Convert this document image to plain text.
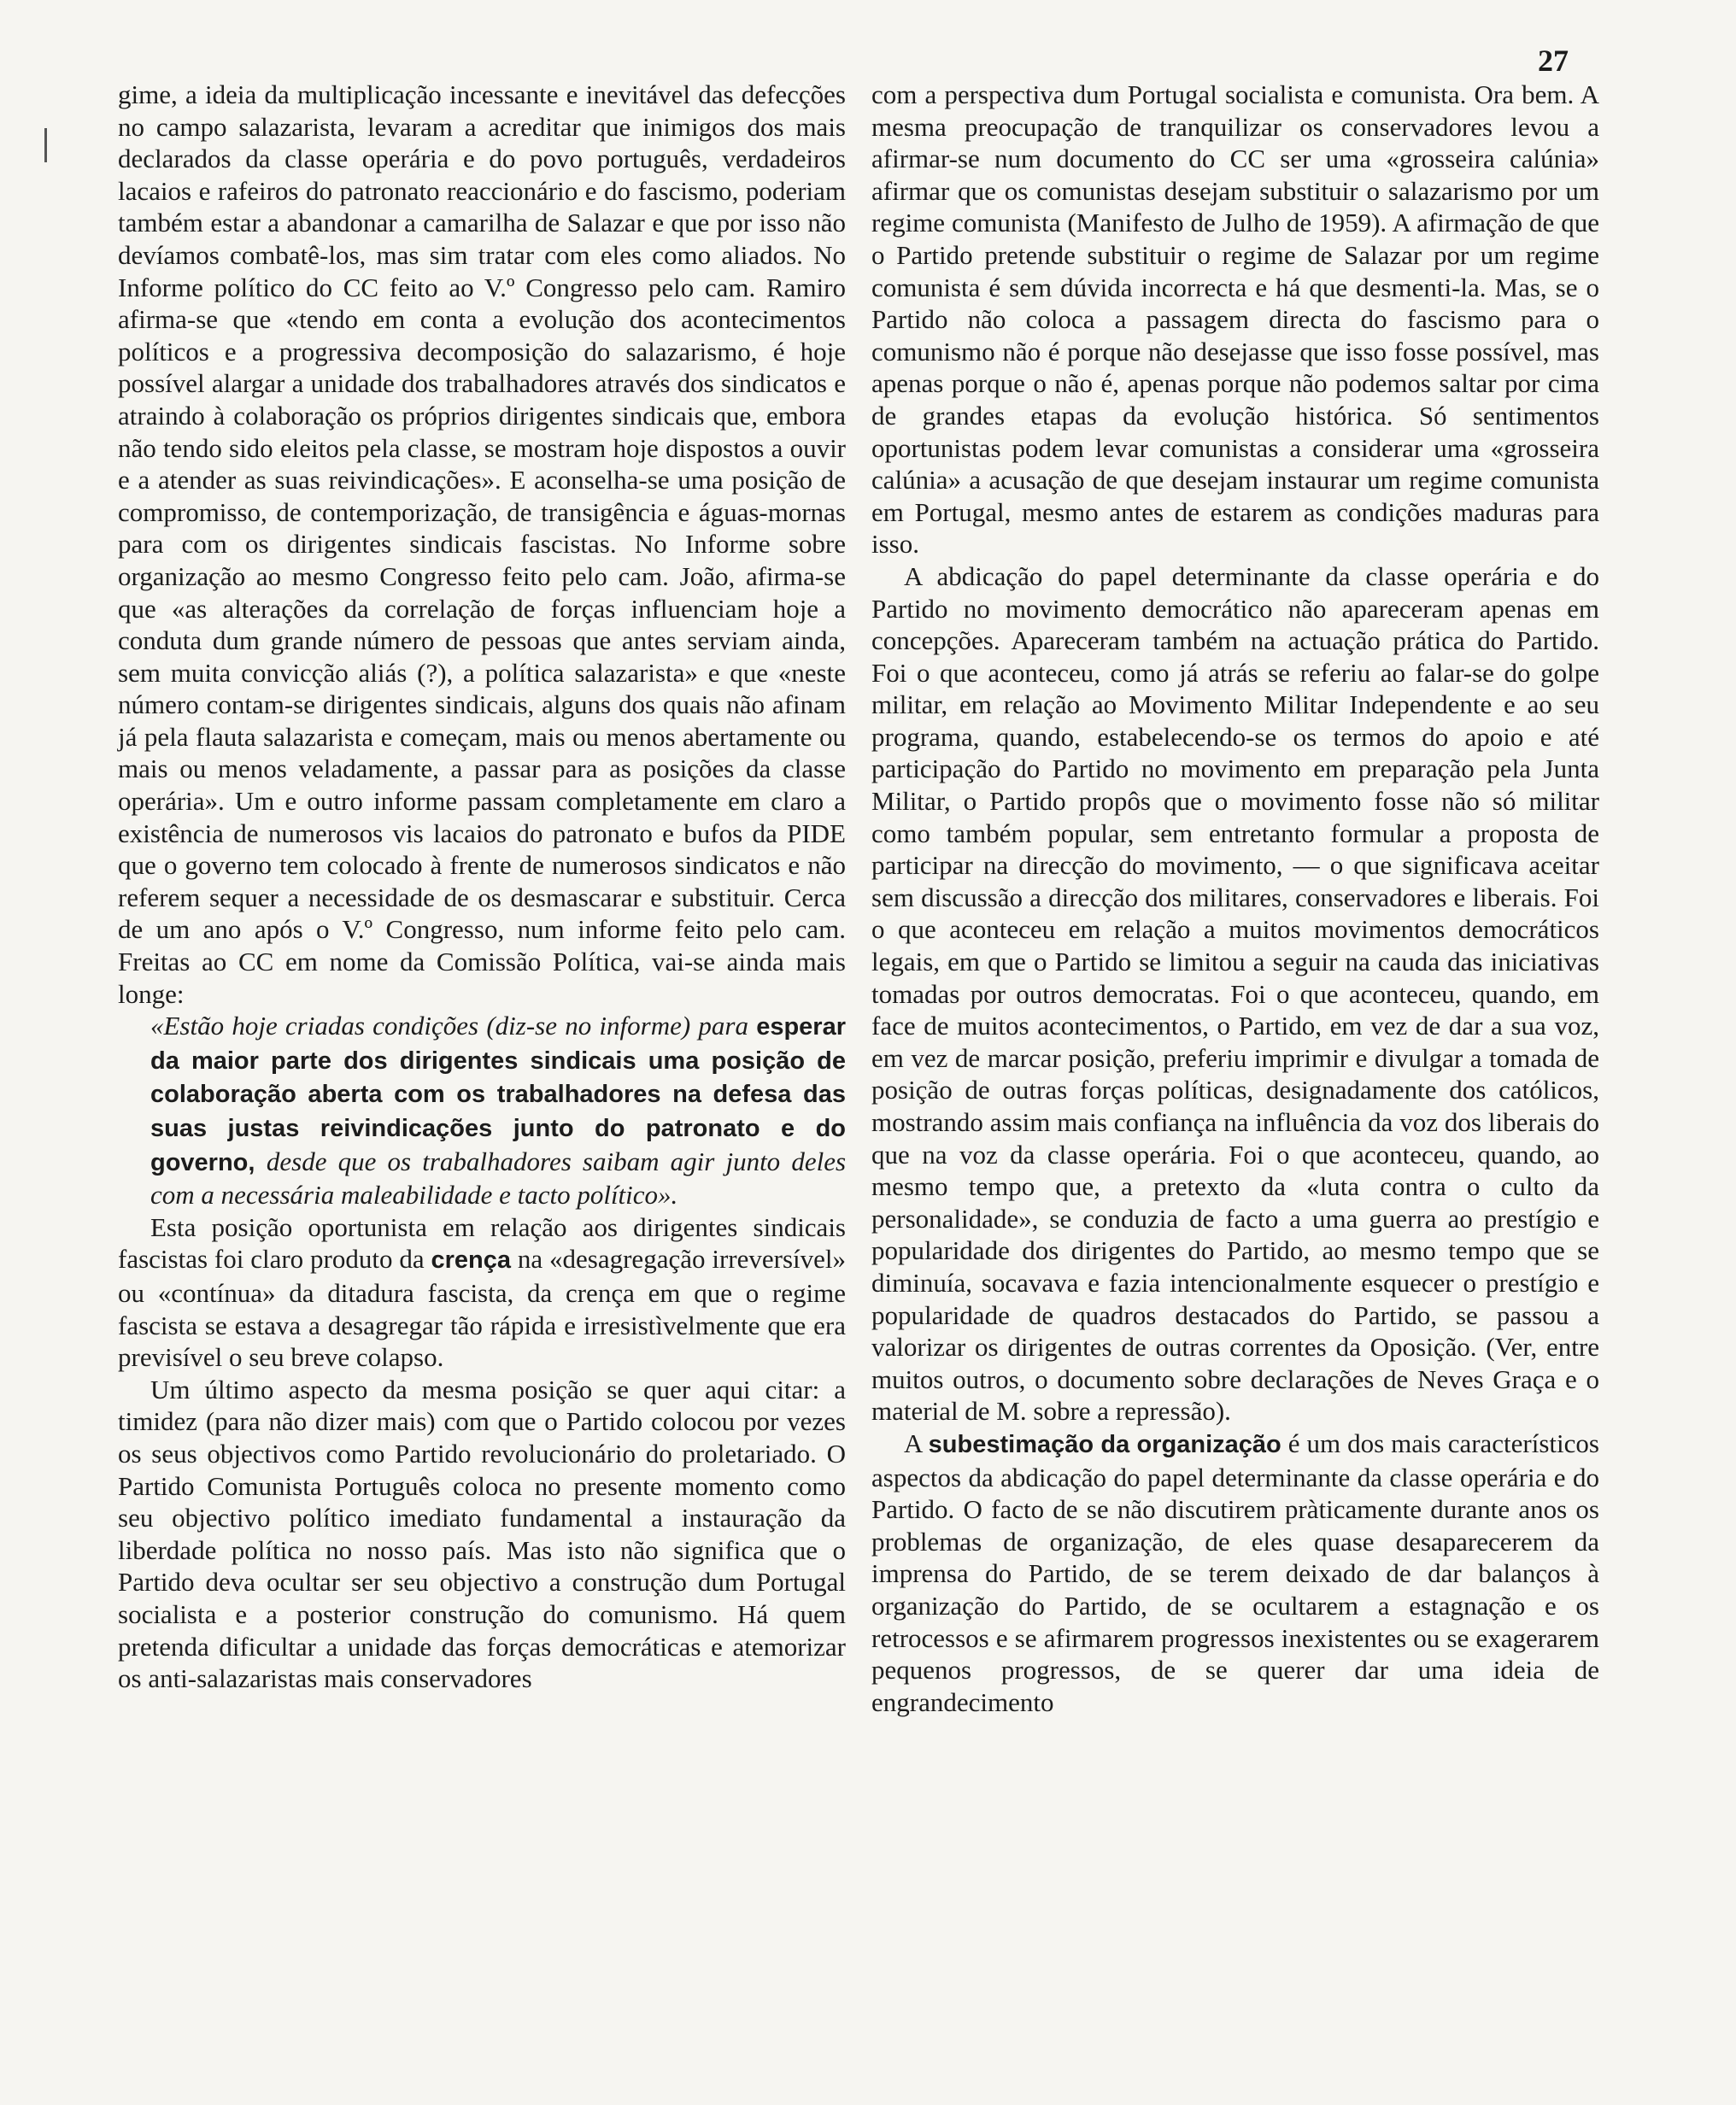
27

gime, a ideia da multiplicação incessante e inevitável das defecções no campo salazarista, levaram a acreditar que inimigos dos mais declarados da classe operária e do povo português, verdadeiros lacaios e rafeiros do patronato reaccionário e do fascismo, poderiam também estar a abandonar a camarilha de Salazar e que por isso não devíamos combatê-los, mas sim tratar com eles como aliados. No Informe político do CC feito ao V.º Congresso pelo cam. Ramiro afirma-se que «tendo em conta a evolução dos acontecimentos políticos e a progressiva decomposição do salazarismo, é hoje possível alargar a unidade dos trabalhadores através dos sindicatos e atraindo à colaboração os próprios dirigentes sindicais que, embora não tendo sido eleitos pela classe, se mostram hoje dispostos a ouvir e a atender as suas reivindicações». E aconselha-se uma posição de compromisso, de contemporização, de transigência e águas-mornas para com os dirigentes sindicais fascistas. No Informe sobre organização ao mesmo Congresso feito pelo cam. João, afirma-se que «as alterações da correlação de forças influenciam hoje a conduta dum grande número de pessoas que antes serviam ainda, sem muita convicção aliás (?), a política salazarista» e que «neste número contam-se dirigentes sindicais, alguns dos quais não afinam já pela flauta salazarista e começam, mais ou menos abertamente ou mais ou menos veladamente, a passar para as posições da classe operária». Um e outro informe passam completamente em claro a existência de numerosos vis lacaios do patronato e bufos da PIDE que o governo tem colocado à frente de numerosos sindicatos e não referem sequer a necessidade de os desmascarar e substituir. Cerca de um ano após o V.º Congresso, num informe feito pelo cam. Freitas ao CC em nome da Comissão Política, vai-se ainda mais longe:

«Estão hoje criadas condições (diz-se no informe) para esperar da maior parte dos dirigentes sindicais uma posição de colaboração aberta com os trabalhadores na defesa das suas justas reivindicações junto do patronato e do governo, desde que os trabalhadores saibam agir junto deles com a necessária maleabilidade e tacto político».

Esta posição oportunista em relação aos dirigentes sindicais fascistas foi claro produto da crença na «desagregação irreversível» ou «contínua» da ditadura fascista, da crença em que o regime fascista se estava a desagregar tão rápida e irresistìvelmente que era previsível o seu breve colapso.

Um último aspecto da mesma posição se quer aqui citar: a timidez (para não dizer mais) com que o Partido colocou por vezes os seus objectivos como Partido revolucionário do proletariado. O Partido Comunista Português coloca no presente momento como seu objectivo político imediato fundamental a instauração da liberdade política no nosso país. Mas isto não significa que o Partido deva ocultar ser seu objectivo a construção dum Portugal socialista e a posterior construção do comunismo. Há quem pretenda dificultar a unidade das forças democráticas e atemorizar os anti-salazaristas mais conservadores

com a perspectiva dum Portugal socialista e comunista. Ora bem. A mesma preocupação de tranquilizar os conservadores levou a afirmar-se num documento do CC ser uma «grosseira calúnia» afirmar que os comunistas desejam substituir o salazarismo por um regime comunista (Manifesto de Julho de 1959). A afirmação de que o Partido pretende substituir o regime de Salazar por um regime comunista é sem dúvida incorrecta e há que desmenti-la. Mas, se o Partido não coloca a passagem directa do fascismo para o comunismo não é porque não desejasse que isso fosse possível, mas apenas porque o não é, apenas porque não podemos saltar por cima de grandes etapas da evolução histórica. Só sentimentos oportunistas podem levar comunistas a considerar uma «grosseira calúnia» a acusação de que desejam instaurar um regime comunista em Portugal, mesmo antes de estarem as condições maduras para isso.

A abdicação do papel determinante da classe operária e do Partido no movimento democrático não apareceram apenas em concepções. Apareceram também na actuação prática do Partido. Foi o que aconteceu, como já atrás se referiu ao falar-se do golpe militar, em relação ao Movimento Militar Independente e ao seu programa, quando, estabelecendo-se os termos do apoio e até participação do Partido no movimento em preparação pela Junta Militar, o Partido propôs que o movimento fosse não só militar como também popular, sem entretanto formular a proposta de participar na direcção do movimento, — o que significava aceitar sem discussão a direcção dos militares, conservadores e liberais. Foi o que aconteceu em relação a muitos movimentos democráticos legais, em que o Partido se limitou a seguir na cauda das iniciativas tomadas por outros democratas. Foi o que aconteceu, quando, em face de muitos acontecimentos, o Partido, em vez de dar a sua voz, em vez de marcar posição, preferiu imprimir e divulgar a tomada de posição de outras forças políticas, designadamente dos católicos, mostrando assim mais confiança na influência da voz dos liberais do que na voz da classe operária. Foi o que aconteceu, quando, ao mesmo tempo que, a pretexto da «luta contra o culto da personalidade», se conduzia de facto a uma guerra ao prestígio e popularidade dos dirigentes do Partido, ao mesmo tempo que se diminuía, socavava e fazia intencionalmente esquecer o prestígio e popularidade de quadros destacados do Partido, se passou a valorizar os dirigentes de outras correntes da Oposição. (Ver, entre muitos outros, o documento sobre declarações de Neves Graça e o material de M. sobre a repressão).

A subestimação da organização é um dos mais característicos aspectos da abdicação do papel determinante da classe operária e do Partido. O facto de se não discutirem pràticamente durante anos os problemas de organização, de eles quase desaparecerem da imprensa do Partido, de se terem deixado de dar balanços à organização do Partido, de se ocultarem a estagnação e os retrocessos e se afirmarem progressos inexistentes ou se exagerarem pequenos progressos, de se querer dar uma ideia de engrandecimento
